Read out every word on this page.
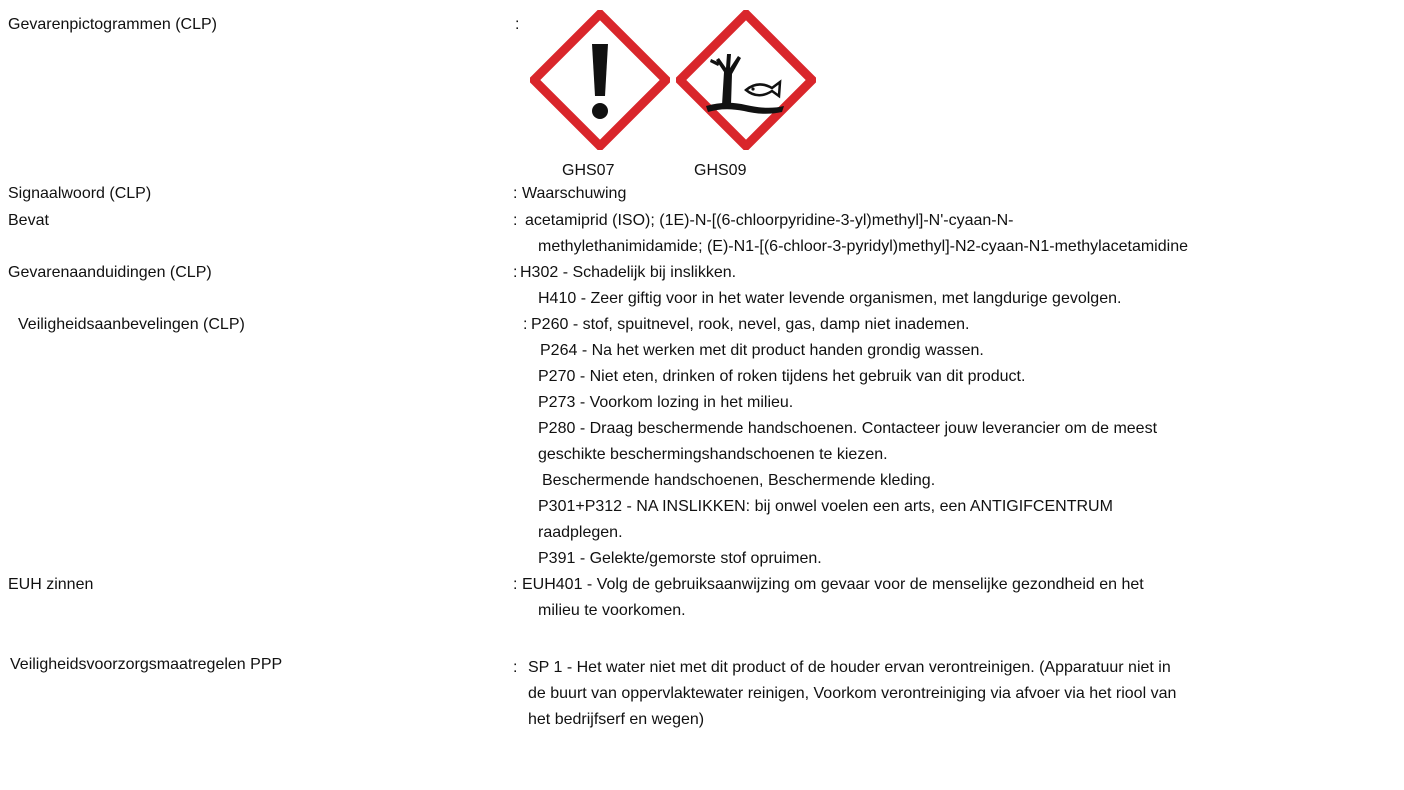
Gevarenpictogrammen (CLP)	:
GHS07	GHS09
Signaalwoord (CLP)	: Waarschuwing
Bevat	: acetamiprid (ISO); (1E)-N-[(6-chloorpyridine-3-yl)methyl]-N'-cyaan-N-
methylethanimidamide; (E)-N1-[(6-chloor-3-pyridyl)methyl]-N2-cyaan-N1-methylacetamidine
Gevarenaanduidingen (CLP)	: H302 - Schadelijk bij inslikken.
H410 - Zeer giftig voor in het water levende organismen, met langdurige gevolgen.
Veiligheidsaanbevelingen (CLP)	: P260 - stof, spuitnevel, rook, nevel, gas, damp niet inademen.
P264 - Na het werken met dit product handen grondig wassen.
P270 - Niet eten, drinken of roken tijdens het gebruik van dit product.
P273 - Voorkom lozing in het milieu.
P280 - Draag beschermende handschoenen. Contacteer jouw leverancier om de meest
geschikte beschermingshandschoenen te kiezen.
Beschermende handschoenen, Beschermende kleding.
P301+P312 - NA INSLIKKEN: bij onwel voelen een arts, een ANTIGIFCENTRUM
raadplegen.
P391 - Gelekte/gemorste stof opruimen.
EUH zinnen	: EUH401 - Volg de gebruiksaanwijzing om gevaar voor de menselijke gezondheid en het
milieu te voorkomen.
Veiligheidsvoorzorgsmaatregelen PPP	: SP 1 - Het water niet met dit product of de houder ervan verontreinigen. (Apparatuur niet in
de buurt van oppervlaktewater reinigen, Voorkom verontreiniging via afvoer via het riool van
het bedrijfserf en wegen)
